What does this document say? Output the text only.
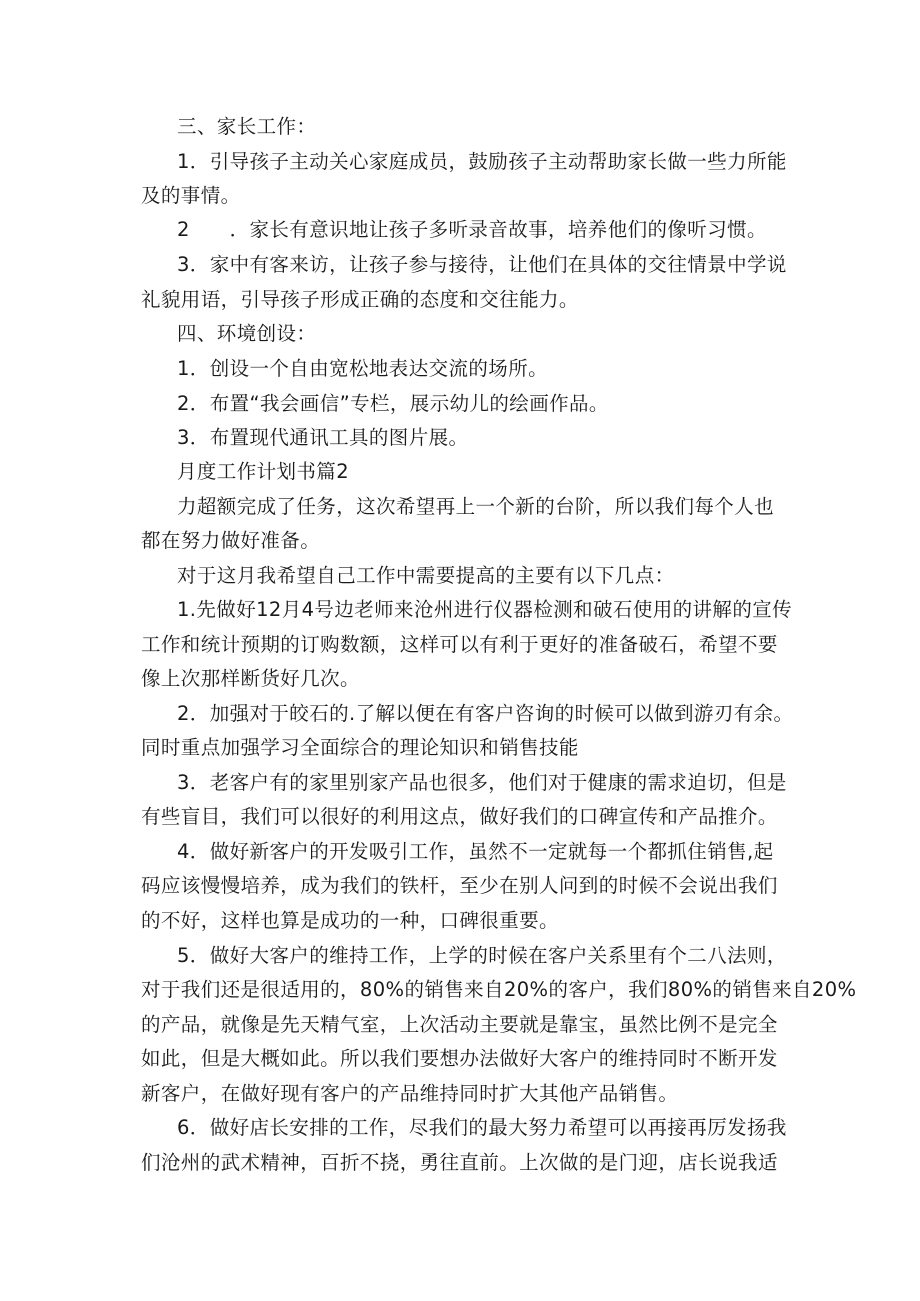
三、家长工作：
1．引导孩子主动关心家庭成员，鼓励孩子主动帮助家长做一些力所能
及的事情。
2　　．家长有意识地让孩子多听录音故事，培养他们的像听习惯。
3．家中有客来访，让孩子参与接待，让他们在具体的交往情景中学说
礼貌用语，引导孩子形成正确的态度和交往能力。
四、环境创设：
1．创设一个自由宽松地表达交流的场所。
2．布置“我会画信”专栏，展示幼儿的绘画作品。
3．布置现代通讯工具的图片展。
月度工作计划书篇2
力超额完成了任务，这次希望再上一个新的台阶，所以我们每个人也
都在努力做好准备。
对于这月我希望自己工作中需要提高的主要有以下几点：
1.先做好12月4号边老师来沧州进行仪器检测和破石使用的讲解的宣传
工作和统计预期的订购数额，这样可以有利于更好的准备破石，希望不要
像上次那样断货好几次。
2．加强对于皎石的.了解以便在有客户咨询的时候可以做到游刃有余。
同时重点加强学习全面综合的理论知识和销售技能
3．老客户有的家里别家产品也很多，他们对于健康的需求迫切，但是
有些盲目，我们可以很好的利用这点，做好我们的口碑宣传和产品推介。
4．做好新客户的开发吸引工作，虽然不一定就每一个都抓住销售,起
码应该慢慢培养，成为我们的铁杆，至少在别人问到的时候不会说出我们
的不好，这样也算是成功的一种，口碑很重要。
5．做好大客户的维持工作，上学的时候在客户关系里有个二八法则，
对于我们还是很适用的，80%的销售来自20%的客户，我们80%的销售来自20%
的产品，就像是先天精气室，上次活动主要就是靠宝，虽然比例不是完全
如此，但是大概如此。所以我们要想办法做好大客户的维持同时不断开发
新客户，在做好现有客户的产品维持同时扩大其他产品销售。
6．做好店长安排的工作，尽我们的最大努力希望可以再接再厉发扬我
们沧州的武术精神，百折不挠，勇往直前。上次做的是门迎，店长说我适
